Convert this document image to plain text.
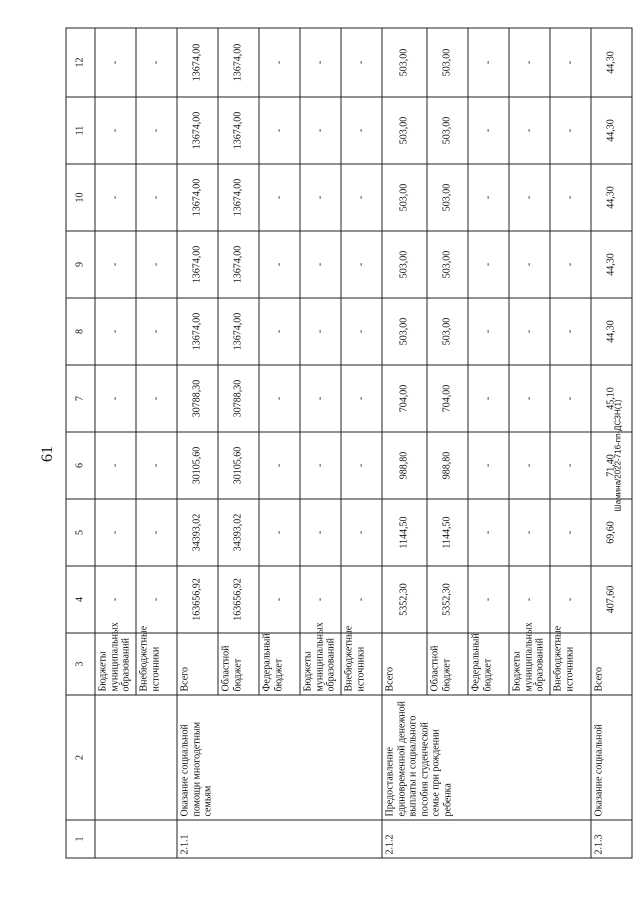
61	Шамина/2022-716-пп-ДСЗН(1)
1	2	3	4	5	6	7	8	9	10	11	12
		Бюджеты муниципальных образований	-	-	-	-	-	-	-	-	-
		Внебюджетные источники	-	-	-	-	-	-	-	-	-
2.1.1	Оказание социальной помощи многодетным семьям	Всего	163656,92	34393,02	30105,60	30788,30	13674,00	13674,00	13674,00	13674,00	13674,00
		Областной бюджет	163656,92	34393,02	30105,60	30788,30	13674,00	13674,00	13674,00	13674,00	13674,00
		Федеральный бюджет	-	-	-	-	-	-	-	-	-
		Бюджеты муниципальных образований	-	-	-	-	-	-	-	-	-
		Внебюджетные источники	-	-	-	-	-	-	-	-	-
2.1.2	Предоставление единовременной денежной выплаты и социального пособия студенческой семье при рождении ребенка	Всего	5352,30	1144,50	988,80	704,00	503,00	503,00	503,00	503,00	503,00
		Областной бюджет	5352,30	1144,50	988,80	704,00	503,00	503,00	503,00	503,00	503,00
		Федеральный бюджет	-	-	-	-	-	-	-	-	-
		Бюджеты муниципальных образований	-	-	-	-	-	-	-	-	-
		Внебюджетные источники	-	-	-	-	-	-	-	-	-
2.1.3	Оказание социальной	Всего	407,60	69,60	71,40	45,10	44,30	44,30	44,30	44,30	44,30
